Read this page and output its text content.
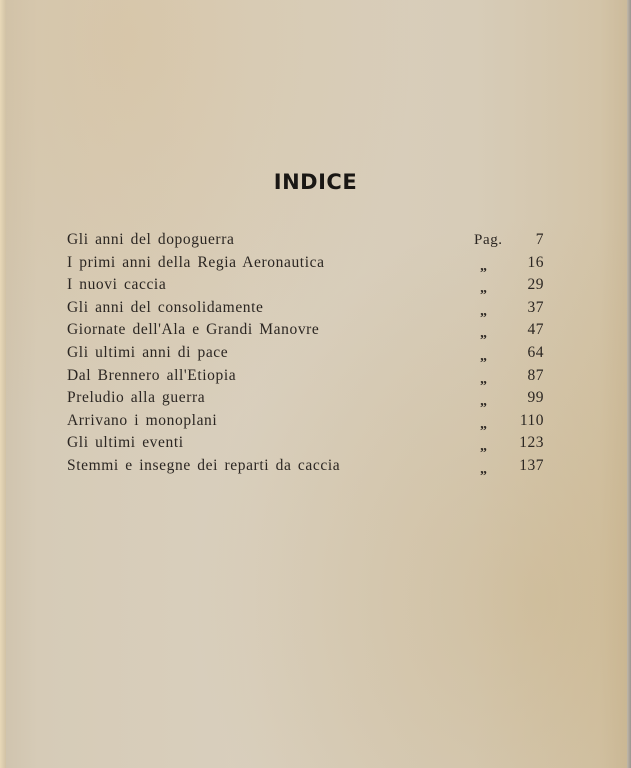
INDICE
Gli anni del dopoguerra	Pag. 7
I primi anni della Regia Aeronautica	„	16
I nuovi caccia	„	29
Gli anni del consolidamente	„	37
Giornate dell'Ala e Grandi Manovre	„	47
Gli ultimi anni di pace	„	64
Dal Brennero all'Etiopia	„	87
Preludio alla guerra	„	99
Arrivano i monoplani	„ 110
Gli ultimi eventi	„ 123
Stemmi e insegne dei reparti da caccia	„ 137
